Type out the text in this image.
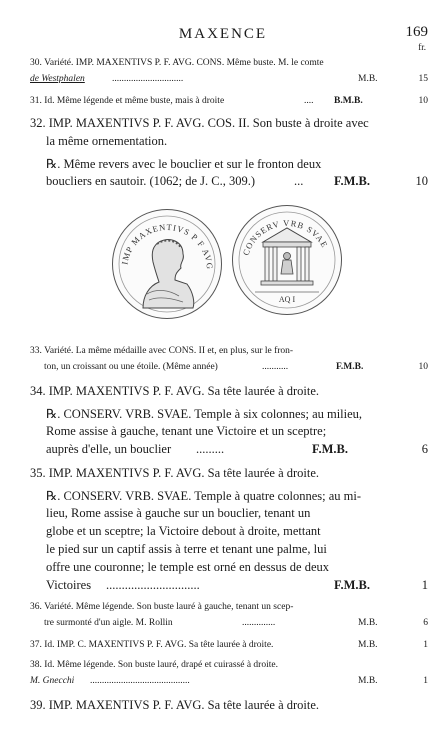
MAXENCE	169
fr.
30. Variété. IMP. MAXENTIVS P. F. AVG. CONS. Même buste. M. le comte
de Westphalen	..............................	M.B.	15
31. Id. Même légende et même buste, mais à droite	.... B.M.B.	10
32. IMP. MAXENTIVS P. F. AVG. COS. II. Son buste à droite avec
la même ornementation.
℞. Même revers avec le bouclier et sur le fronton deux
boucliers en sautoir. (1062; de J. C., 309.)	... F.M.B.	10
IMP MAXENTIVS P F AVG
CONSERV VRB SVAE
AQ I
33. Variété. La même médaille avec CONS. II et, en plus, sur le fron-
ton, un croissant ou une étoile. (Même année)	...........	F.M.B.	10
34. IMP. MAXENTIVS P. F. AVG. Sa tête laurée à droite.
℞. CONSERV. VRB. SVAE. Temple à six colonnes; au milieu,
Rome assise à gauche, tenant une Victoire et un sceptre;
auprès d'elle, un bouclier .........	F.M.B.	6
35. IMP. MAXENTIVS P. F. AVG. Sa tête laurée à droite.
℞. CONSERV. VRB. SVAE. Temple à quatre colonnes; au mi-
lieu, Rome assise à gauche sur un bouclier, tenant un
globe et un sceptre; la Victoire debout à droite, mettant
le pied sur un captif assis à terre et tenant une palme, lui
offre une couronne; le temple est orné en dessus de deux
Victoires ..............................	F.M.B.	1
36. Variété. Même légende. Son buste lauré à gauche, tenant un scep-
tre surmonté d'un aigle. M. Rollin	..............	M.B.	6
37. Id. IMP. C. MAXENTIVS P. F. AVG. Sa tête laurée à droite.	M.B.	1
38. Id. Même légende. Son buste lauré, drapé et cuirassé à droite.
M. Gnecchi ..........................................	M.B.	1
39. IMP. MAXENTIVS P. F. AVG. Sa tête laurée à droite.
